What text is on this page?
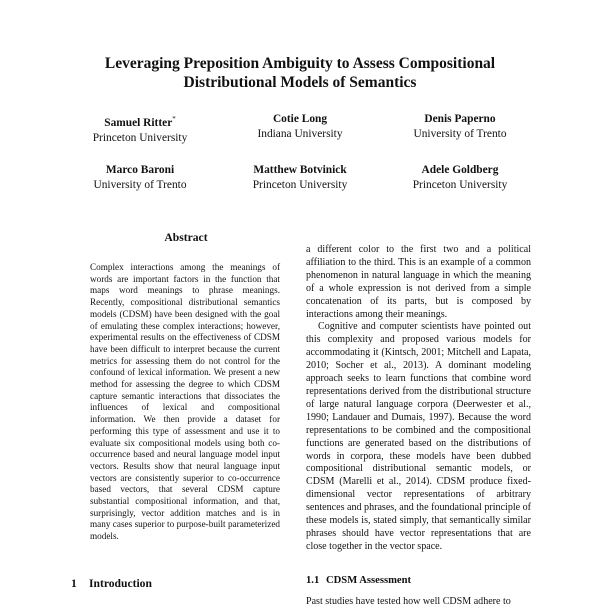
Leveraging Preposition Ambiguity to Assess Compositional Distributional Models of Semantics
Samuel Ritter*
Princeton University
Cotie Long
Indiana University
Denis Paperno
University of Trento
Marco Baroni
University of Trento
Matthew Botvinick
Princeton University
Adele Goldberg
Princeton University
Abstract

Complex interactions among the meanings of words are important factors in the function that maps word meanings to phrase meanings. Recently, compositional distributional semantics models (CDSM) have been designed with the goal of emulating these complex interactions; however, experimental results on the effectiveness of CDSM have been difficult to interpret because the current metrics for assessing them do not control for the confound of lexical information. We present a new method for assessing the degree to which CDSM capture semantic interactions that dissociates the influences of lexical and compositional information. We then provide a dataset for performing this type of assessment and use it to evaluate six compositional models using both co-occurrence based and neural language model input vectors. Results show that neural language input vectors are consistently superior to co-occurrence based vectors, that several CDSM capture substantial compositional information, and that, surprisingly, vector addition matches and is in many cases superior to purpose-built parameterized models.

a different color to the first two and a political affiliation to the third. This is an example of a common phenomenon in natural language in which the meaning of a whole expression is not derived from a simple concatenation of its parts, but is composed by interactions among their meanings.

Cognitive and computer scientists have pointed out this complexity and proposed various models for accommodating it (Kintsch, 2001; Mitchell and Lapata, 2010; Socher et al., 2013). A dominant modeling approach seeks to learn functions that combine word representations derived from the distributional structure of large natural language corpora (Deerwester et al., 1990; Landauer and Dumais, 1997). Because the word representations to be combined and the compositional functions are generated based on the distributions of words in corpora, these models have been dubbed compositional distributional semantic models, or CDSM (Marelli et al., 2014). CDSM produce fixed-dimensional vector representations of arbitrary sentences and phrases, and the foundational principle of these models is, stated simply, that semantically similar phrases should have vector representations that are close together in the vector space.

1 Introduction	1.1 CDSM Assessment
Past studies have tested how well CDSM adhere to
